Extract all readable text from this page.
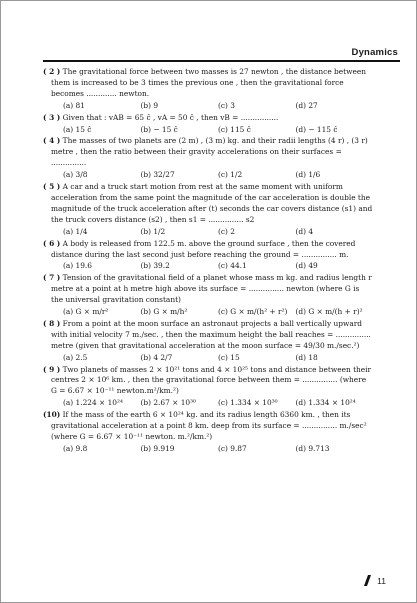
Dynamics
( 2 ) The gravitational force between two masses is 27 newton , the distance between them is increased to be 3 times the previous one , then the gravitational force becomes ............. newton.
(a) 81	(b) 9	(c) 3	(d) 27
( 3 ) Given that : vAB = 65 ĉ , vA = 50 ĉ , then vB = ................
(a) 15 ĉ	(b) − 15 ĉ	(c) 115 ĉ	(d) − 115 ĉ
( 4 ) The masses of two planets are (2 m) , (3 m) kg. and their radii lengths (4 r) , (3 r) metre , then the ratio between their gravity accelerations on their surfaces = ...............
(a) 3/8	(b) 32/27	(c) 1/2	(d) 1/6
( 5 ) A car and a truck start motion from rest at the same moment with uniform acceleration from the same point the magnitude of the car acceleration is double the magnitude of the truck acceleration after (t) seconds the car covers distance (s1) and the truck covers distance (s2) , then s1 = ............... s2
(a) 1/4	(b) 1/2	(c) 2	(d) 4
( 6 ) A body is released from 122.5 m. above the ground surface , then the covered distance during the last second just before reaching the ground = ............... m.
(a) 19.6	(b) 39.2	(c) 44.1	(d) 49
( 7 ) Tension of the gravitational field of a planet whose mass m kg. and radius length r metre at a point at h metre high above its surface = ............... newton (where G is the universal gravitation constant)
(a) G × m/r²	(b) G × m/h²	(c) G × m/(h² + r²)	(d) G × m/(h + r)²
( 8 ) From a point at the moon surface an astronaut projects a ball vertically upward with initial velocity 7 m./sec. , then the maximum height the ball reaches = ............... metre (given that gravitational acceleration at the moon surface = 49/30 m./sec.²)
(a) 2.5	(b) 4 2/7	(c) 15	(d) 18
( 9 ) Two planets of masses 2 × 10²¹ tons and 4 × 10²⁵ tons and distance between their centres 2 × 10⁶ km. , then the gravitational force between them = ............... (where G = 6.67 × 10⁻¹¹ newton.m²/km.²)
(a) 1.224 × 10²⁴	(b) 2.67 × 10³⁰	(c) 1.334 × 10³⁰	(d) 1.334 × 10²⁴
(10) If the mass of the earth 6 × 10²⁴ kg. and its radius length 6360 km. , then its gravitational acceleration at a point 8 km. deep from its surface = ............... m./sec² (where G = 6.67 × 10⁻¹¹ newton. m.²/km.²)
(a) 9.8	(b) 9.919	(c) 9.87	(d) 9.713
11
